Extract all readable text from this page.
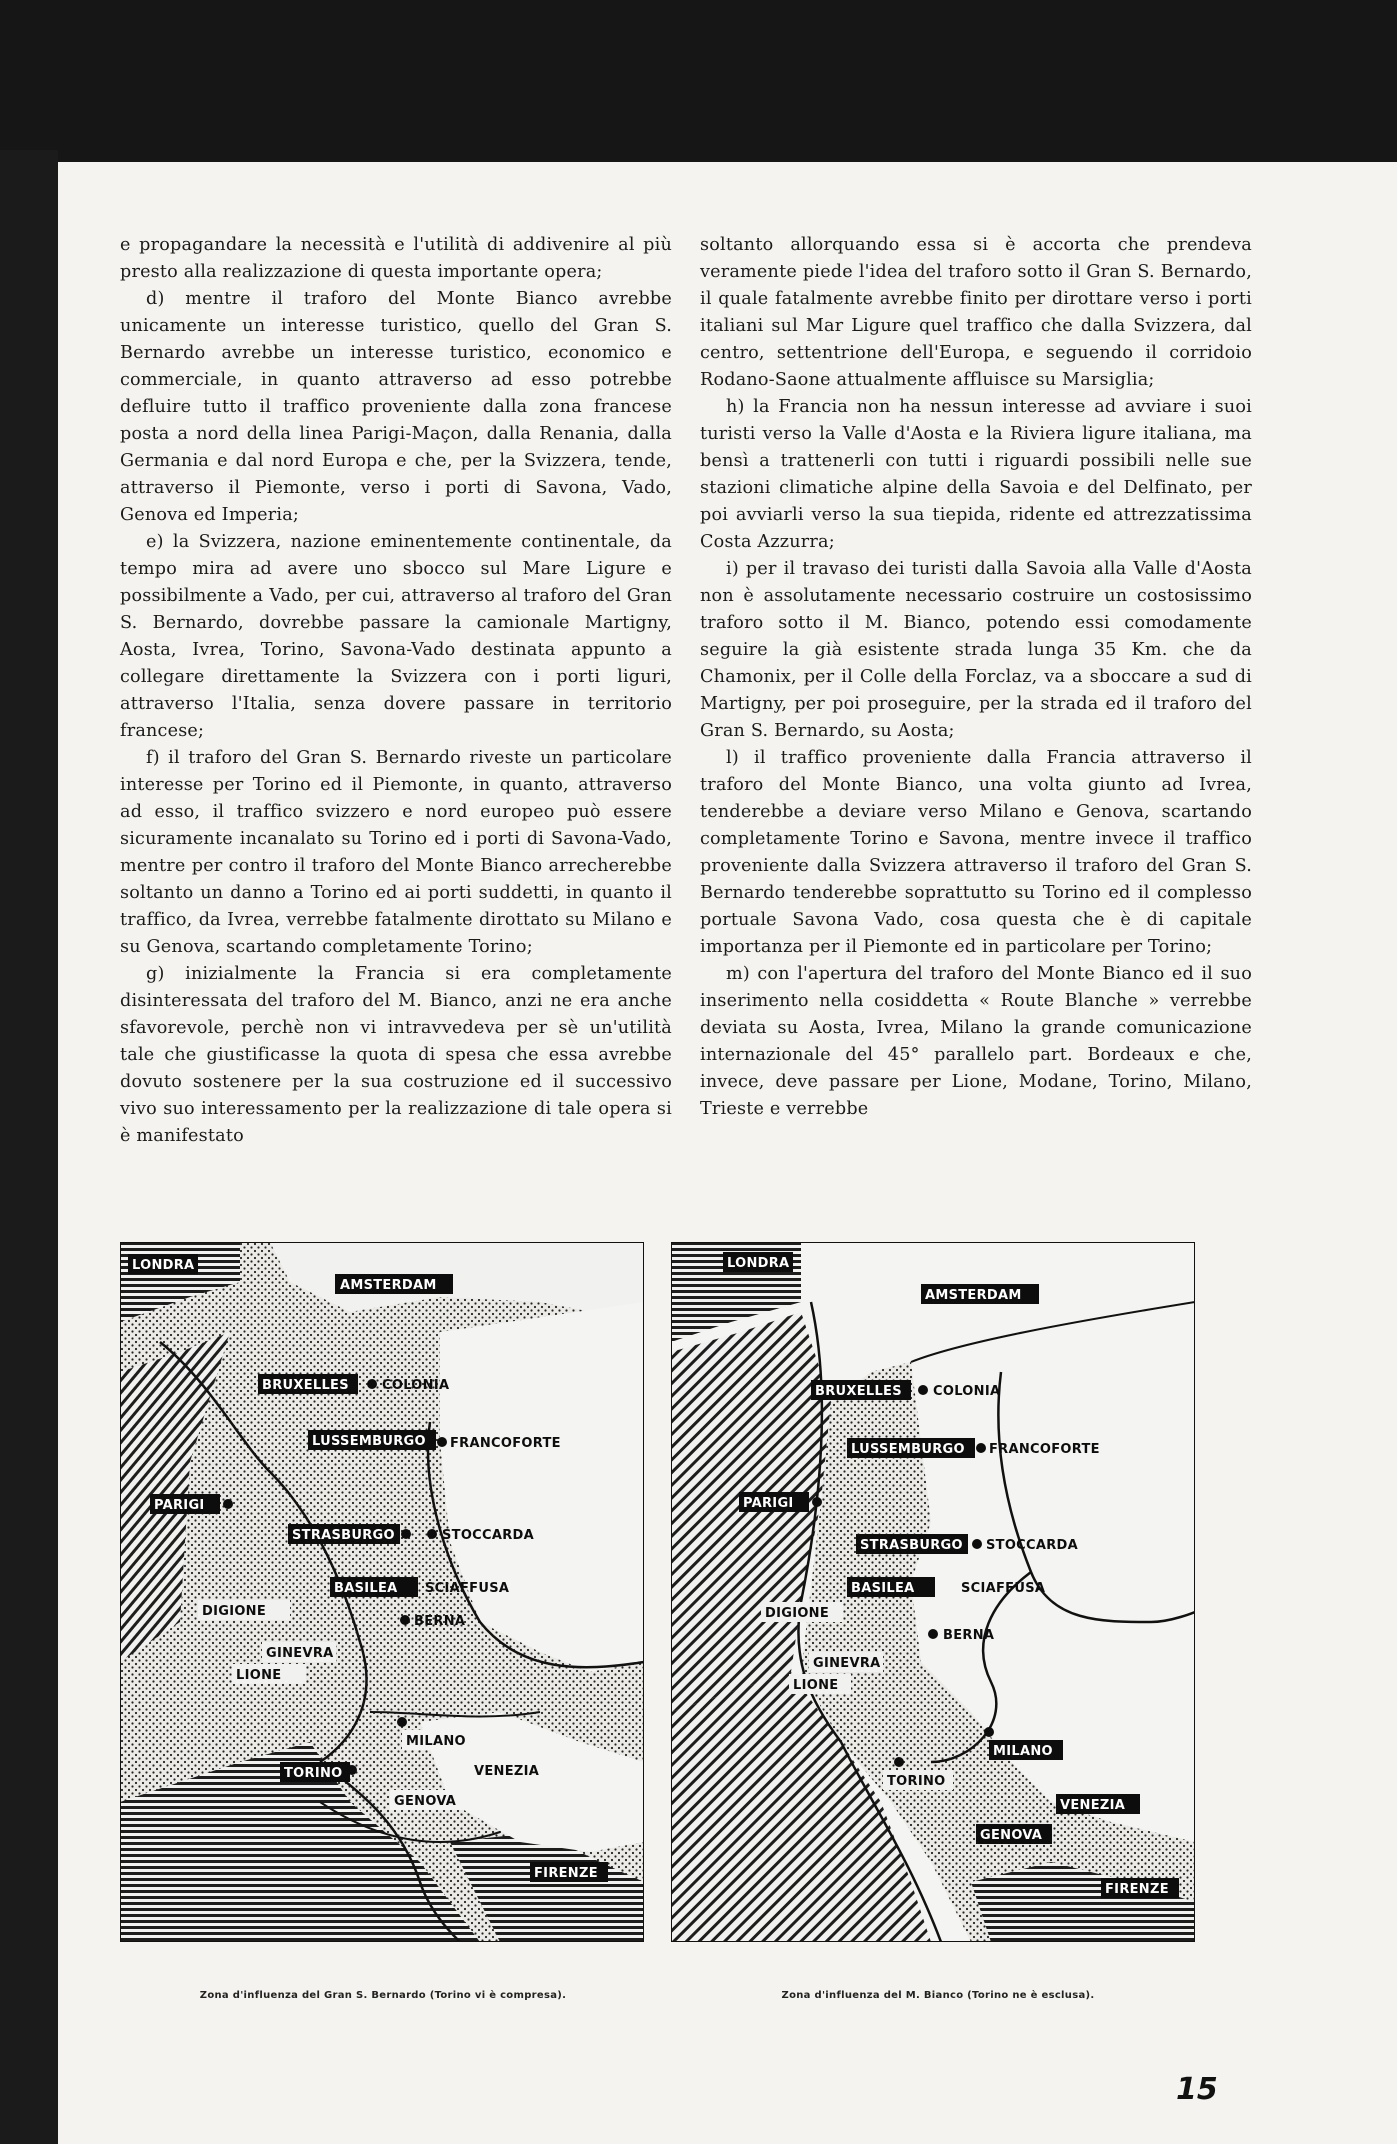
e propagandare la necessità e l'utilità di addivenire al più presto alla realizzazione di questa importante opera;

d) mentre il traforo del Monte Bianco avrebbe unicamente un interesse turistico, quello del Gran S. Bernardo avrebbe un interesse turistico, economico e commerciale, in quanto attraverso ad esso potrebbe defluire tutto il traffico proveniente dalla zona francese posta a nord della linea Parigi-Maçon, dalla Renania, dalla Germania e dal nord Europa e che, per la Svizzera, tende, attraverso il Piemonte, verso i porti di Savona, Vado, Genova ed Imperia;

e) la Svizzera, nazione eminentemente continentale, da tempo mira ad avere uno sbocco sul Mare Ligure e possibilmente a Vado, per cui, attraverso al traforo del Gran S. Bernardo, dovrebbe passare la camionale Martigny, Aosta, Ivrea, Torino, Savona-Vado destinata appunto a collegare direttamente la Svizzera con i porti liguri, attraverso l'Italia, senza dovere passare in territorio francese;

f) il traforo del Gran S. Bernardo riveste un particolare interesse per Torino ed il Piemonte, in quanto, attraverso ad esso, il traffico svizzero e nord europeo può essere sicuramente incanalato su Torino ed i porti di Savona-Vado, mentre per contro il traforo del Monte Bianco arrecherebbe soltanto un danno a Torino ed ai porti suddetti, in quanto il traffico, da Ivrea, verrebbe fatalmente dirottato su Milano e su Genova, scartando completamente Torino;

g) inizialmente la Francia si era completamente disinteressata del traforo del M. Bianco, anzi ne era anche sfavorevole, perchè non vi intravvedeva per sè un'utilità tale che giustificasse la quota di spesa che essa avrebbe dovuto sostenere per la sua costruzione ed il successivo vivo suo interessamento per la realizzazione di tale opera si è manifestato

soltanto allorquando essa si è accorta che prendeva veramente piede l'idea del traforo sotto il Gran S. Bernardo, il quale fatalmente avrebbe finito per dirottare verso i porti italiani sul Mar Ligure quel traffico che dalla Svizzera, dal centro, settentrione dell'Europa, e seguendo il corridoio Rodano-Saone attualmente affluisce su Marsiglia;

h) la Francia non ha nessun interesse ad avviare i suoi turisti verso la Valle d'Aosta e la Riviera ligure italiana, ma bensì a trattenerli con tutti i riguardi possibili nelle sue stazioni climatiche alpine della Savoia e del Delfinato, per poi avviarli verso la sua tiepida, ridente ed attrezzatissima Costa Azzurra;

i) per il travaso dei turisti dalla Savoia alla Valle d'Aosta non è assolutamente necessario costruire un costosissimo traforo sotto il M. Bianco, potendo essi comodamente seguire la già esistente strada lunga 35 Km. che da Chamonix, per il Colle della Forclaz, va a sboccare a sud di Martigny, per poi proseguire, per la strada ed il traforo del Gran S. Bernardo, su Aosta;

l) il traffico proveniente dalla Francia attraverso il traforo del Monte Bianco, una volta giunto ad Ivrea, tenderebbe a deviare verso Milano e Genova, scartando completamente Torino e Savona, mentre invece il traffico proveniente dalla Svizzera attraverso il traforo del Gran S. Bernardo tenderebbe soprattutto su Torino ed il complesso portuale Savona Vado, cosa questa che è di capitale importanza per il Piemonte ed in particolare per Torino;

m) con l'apertura del traforo del Monte Bianco ed il suo inserimento nella cosiddetta « Route Blanche » verrebbe deviata su Aosta, Ivrea, Milano la grande comunicazione internazionale del 45° parallelo part. Bordeaux e che, invece, deve passare per Lione, Modane, Torino, Milano, Trieste e verrebbe

LONDRA
AMSTERDAM
BRUXELLES	COLONIA
LUSSEMBURGO FRANCOFORTE
PARIGI
STRASBURGO	STOCCARDA
BASILEA SCIAFFUSA
DIGIONE
BERNA
GINEVRA
LIONE
MILANO
TORINO	VENEZIA
GENOVA
FIRENZE
LONDRA
AMSTERDAM
BRUXELLES COLONIA
LUSSEMBURGO FRANCOFORTE
PARIGI
STRASBURGO STOCCARDA
BASILEA	SCIAFFUSA
DIGIONE
BERNA
GINEVRA
LIONE
MILANO
TORINO
VENEZIA
GENOVA
FIRENZE
Zona d'influenza del Gran S. Bernardo (Torino vi è compresa).	Zona d'influenza del M. Bianco (Torino ne è esclusa).
15
